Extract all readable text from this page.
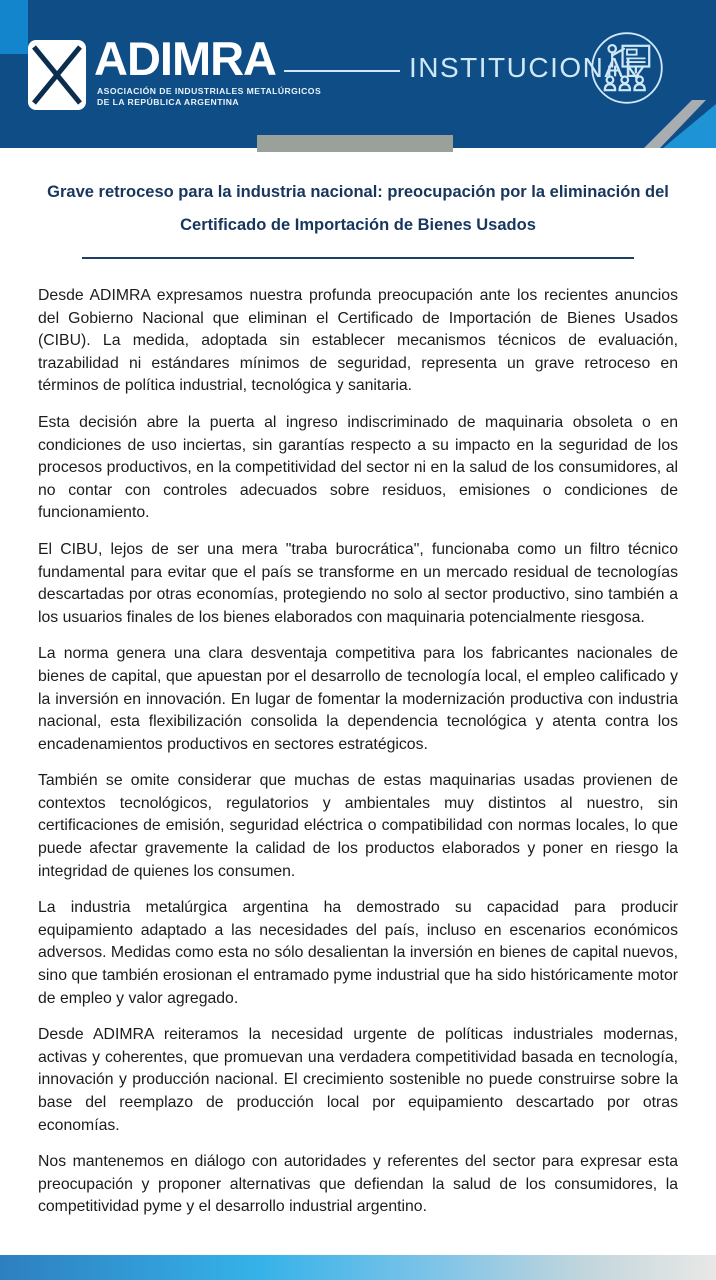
ADIMRA
ASOCIACIÓN DE INDUSTRIALES METALÚRGICOS
DE LA REPÚBLICA ARGENTINA
INSTITUCIONAL
Grave retroceso para la industria nacional: preocupación por la eliminación del
Certificado de Importación de Bienes Usados

Desde ADIMRA expresamos nuestra profunda preocupación ante los recientes anuncios del Gobierno Nacional que eliminan el Certificado de Importación de Bienes Usados (CIBU). La medida, adoptada sin establecer mecanismos técnicos de evaluación, trazabilidad ni estándares mínimos de seguridad, representa un grave retroceso en términos de política industrial, tecnológica y sanitaria.

Esta decisión abre la puerta al ingreso indiscriminado de maquinaria obsoleta o en condiciones de uso inciertas, sin garantías respecto a su impacto en la seguridad de los procesos productivos, en la competitividad del sector ni en la salud de los consumidores, al no contar con controles adecuados sobre residuos, emisiones o condiciones de funcionamiento.

El CIBU, lejos de ser una mera "traba burocrática", funcionaba como un filtro técnico fundamental para evitar que el país se transforme en un mercado residual de tecnologías descartadas por otras economías, protegiendo no solo al sector productivo, sino también a los usuarios finales de los bienes elaborados con maquinaria potencialmente riesgosa.

La norma genera una clara desventaja competitiva para los fabricantes nacionales de bienes de capital, que apuestan por el desarrollo de tecnología local, el empleo calificado y la inversión en innovación. En lugar de fomentar la modernización productiva con industria nacional, esta flexibilización consolida la dependencia tecnológica y atenta contra los encadenamientos productivos en sectores estratégicos.

También se omite considerar que muchas de estas maquinarias usadas provienen de contextos tecnológicos, regulatorios y ambientales muy distintos al nuestro, sin certificaciones de emisión, seguridad eléctrica o compatibilidad con normas locales, lo que puede afectar gravemente la calidad de los productos elaborados y poner en riesgo la integridad de quienes los consumen.

La industria metalúrgica argentina ha demostrado su capacidad para producir equipamiento adaptado a las necesidades del país, incluso en escenarios económicos adversos. Medidas como esta no sólo desalientan la inversión en bienes de capital nuevos, sino que también erosionan el entramado pyme industrial que ha sido históricamente motor de empleo y valor agregado.

Desde ADIMRA reiteramos la necesidad urgente de políticas industriales modernas, activas y coherentes, que promuevan una verdadera competitividad basada en tecnología, innovación y producción nacional. El crecimiento sostenible no puede construirse sobre la base del reemplazo de producción local por equipamiento descartado por otras economías.

Nos mantenemos en diálogo con autoridades y referentes del sector para expresar esta preocupación y proponer alternativas que defiendan la salud de los consumidores, la competitividad pyme y el desarrollo industrial argentino.
